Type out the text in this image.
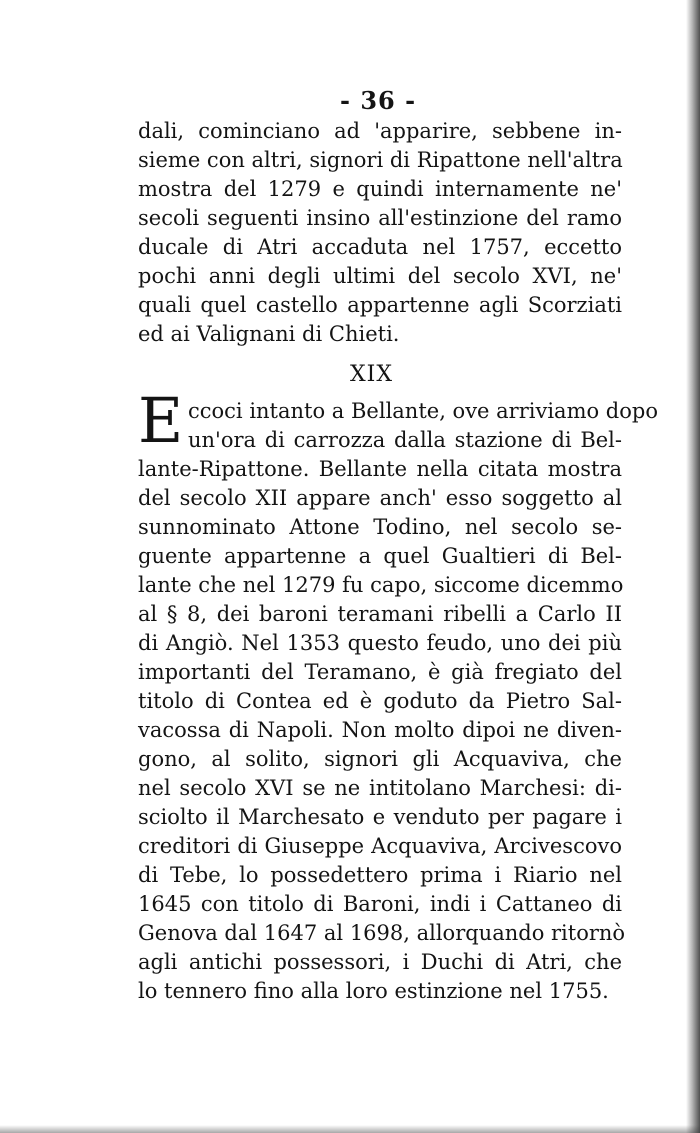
- 36 -
dali, cominciano ad 'apparire, sebbene in-
sieme con altri, signori di Ripattone nell'altra
mostra del 1279 e quindi internamente ne'
secoli seguenti insino all'estinzione del ramo
ducale di Atri accaduta nel 1757, eccetto
pochi anni degli ultimi del secolo XVI, ne'
quali quel castello appartenne agli Scorziati
ed ai Valignani di Chieti.
XIX
E ccoci intanto a Bellante, ove arriviamo dopo
un'ora di carrozza dalla stazione di Bel-
lante-Ripattone. Bellante nella citata mostra
del secolo XII appare anch' esso soggetto al
sunnominato Attone Todino, nel secolo se-
guente appartenne a quel Gualtieri di Bel-
lante che nel 1279 fu capo, siccome dicemmo
al § 8, dei baroni teramani ribelli a Carlo II
di Angiò. Nel 1353 questo feudo, uno dei più
importanti del Teramano, è già fregiato del
titolo di Contea ed è goduto da Pietro Sal-
vacossa di Napoli. Non molto dipoi ne diven-
gono, al solito, signori gli Acquaviva, che
nel secolo XVI se ne intitolano Marchesi: di-
sciolto il Marchesato e venduto per pagare i
creditori di Giuseppe Acquaviva, Arcivescovo
di Tebe, lo possedettero prima i Riario nel
1645 con titolo di Baroni, indi i Cattaneo di
Genova dal 1647 al 1698, allorquando ritornò
agli antichi possessori, i Duchi di Atri, che
lo tennero fino alla loro estinzione nel 1755.
